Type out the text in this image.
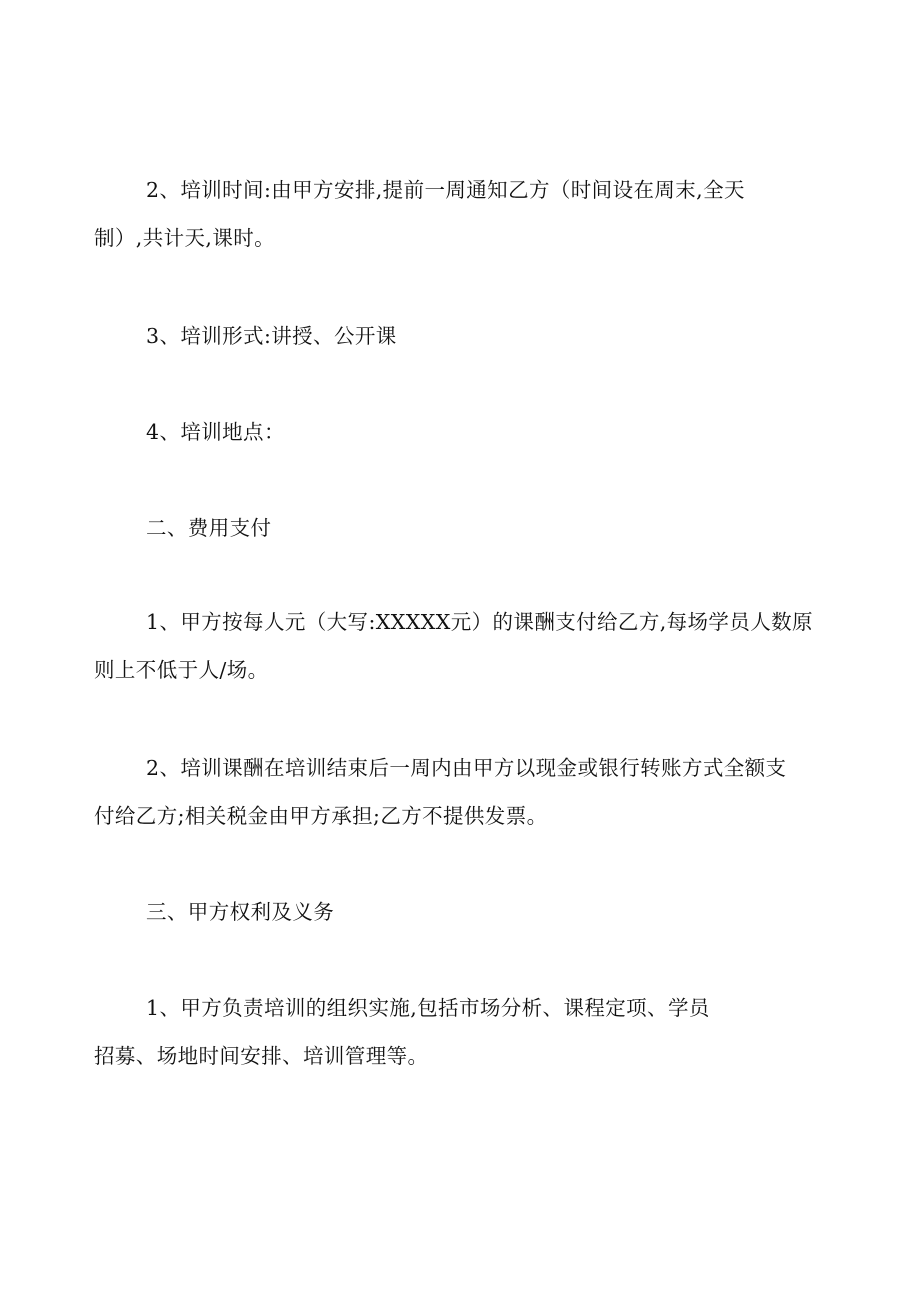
2、培训时间:由甲方安排,提前一周通知乙方（时间设在周末,全天
制）,共计天,课时。

3、培训形式:讲授、公开课

4、培训地点：

二、费用支付

1、甲方按每人元（大写:XXXXX元）的课酬支付给乙方,每场学员人数原
则上不低于人/场。

2、培训课酬在培训结束后一周内由甲方以现金或银行转账方式全额支
付给乙方;相关税金由甲方承担;乙方不提供发票。

三、甲方权利及义务

1、甲方负责培训的组织实施,包括市场分析、课程定项、学员
招募、场地时间安排、培训管理等。
